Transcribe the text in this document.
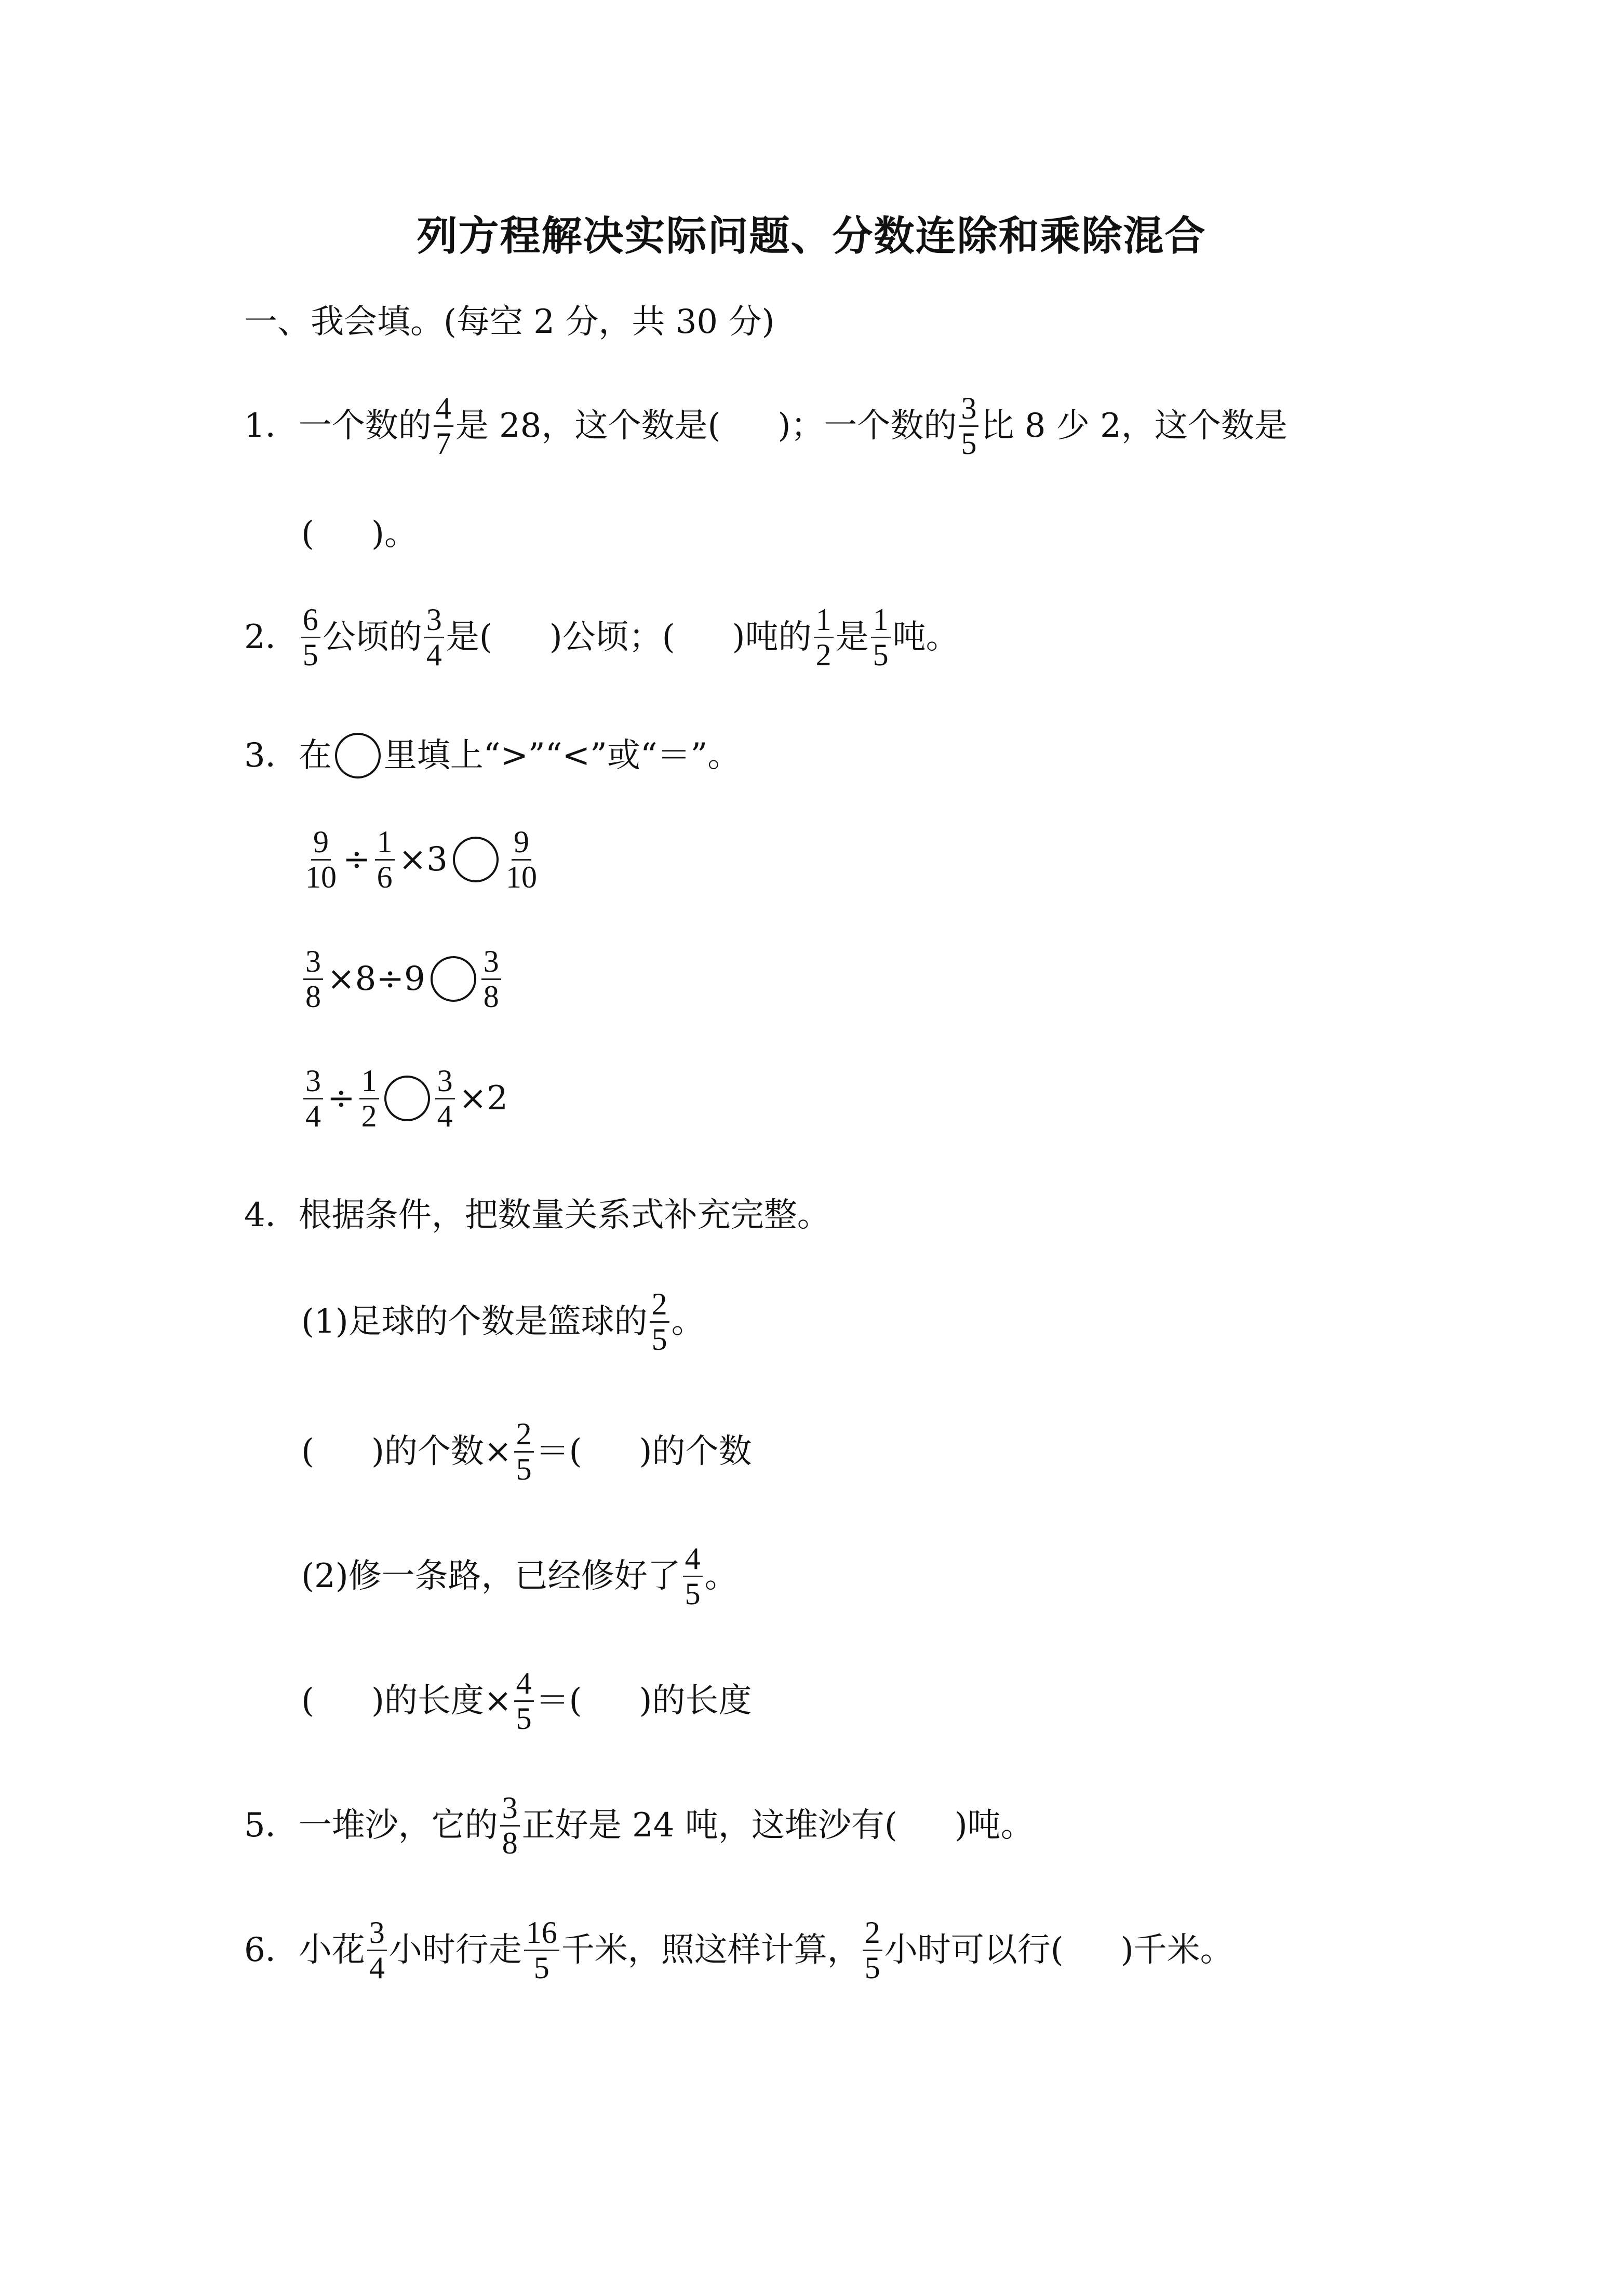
列方程解决实际问题、分数连除和乘除混合
一、我会填。(每空 2 分，共 30 分)
1． 一个数的 $\frac{4}{7}$ 是 28，这个数是( )；一个数的 $\frac{3}{5}$ 比 8 少 2，这个数是
( )。
2． $\frac{6}{5}$ 公顷的 $\frac{3}{4}$ 是( )公顷；( )吨的 $\frac{1}{2}$ 是 $\frac{1}{5}$ 吨。
3． 在 里填上“>”“<”或“＝”。
$\frac{9}{10} \div \frac{1}{6} \times 3 \frac{9}{10}$
$\frac{3}{8} \times 8\div 9 \frac{3}{8}$
$\frac{3}{4} \div \frac{1}{2} \frac{3}{4} \times 2$
4． 根据条件，把数量关系式补充完整。
(1)足球的个数是篮球的 $\frac{2}{5}$ 。
( )的个数× $\frac{2}{5}$ ＝( )的个数
(2)修一条路，已经修好了 $\frac{4}{5}$ 。
( )的长度× $\frac{4}{5}$ ＝( )的长度
5． 一堆沙，它的 $\frac{3}{8}$ 正好是 24 吨，这堆沙有( )吨。
6． 小花 $\frac{3}{4}$ 小时行走 $\frac{16}{5}$ 千米，照这样计算， $\frac{2}{5}$ 小时可以行( )千米。
